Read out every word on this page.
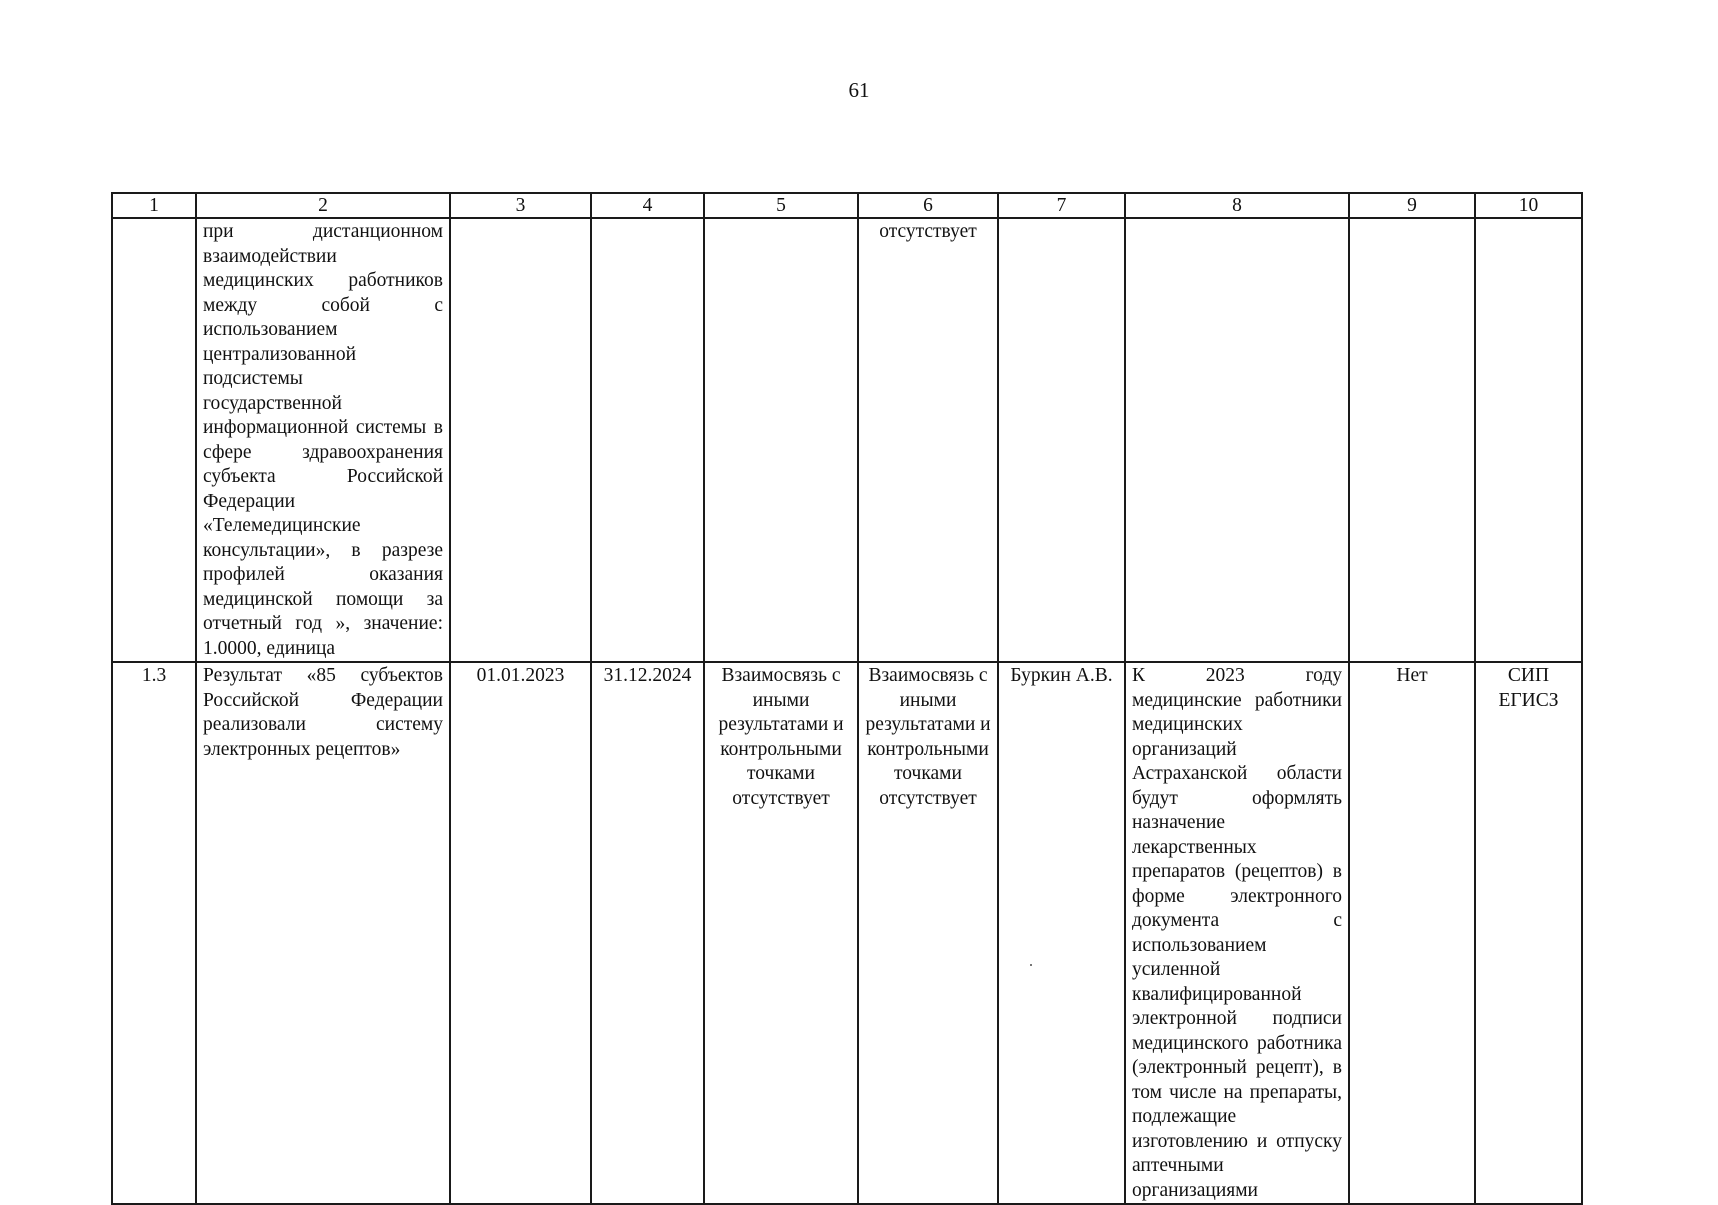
61
1	2	3	4	5	6	7	8	9	10
	при дистанционном взаимодействии медицинских работников между собой с использованием централизованной подсистемы государственной информационной системы в сфере здравоохранения субъекта Российской Федерации «Телемедицинские консультации», в разрезе профилей оказания медицинской помощи за отчетный год », значение: 1.0000, единица				отсутствует				
1.3	Результат «85 субъектов Российской Федерации реализовали систему электронных рецептов»	01.01.2023	31.12.2024	Взаимосвязь с иными результатами и контрольными точками отсутствует	Взаимосвязь с иными результатами и контрольными точками отсутствует	Буркин А.В.	К 2023 году медицинские работники медицинских организаций Астраханской области будут оформлять назначение лекарственных препаратов (рецептов) в форме электронного документа с использованием усиленной квалифицированной электронной подписи медицинского работника (электронный рецепт), в том числе на препараты, подлежащие изготовлению и отпуску аптечными организациями	Нет	СИП ЕГИСЗ
